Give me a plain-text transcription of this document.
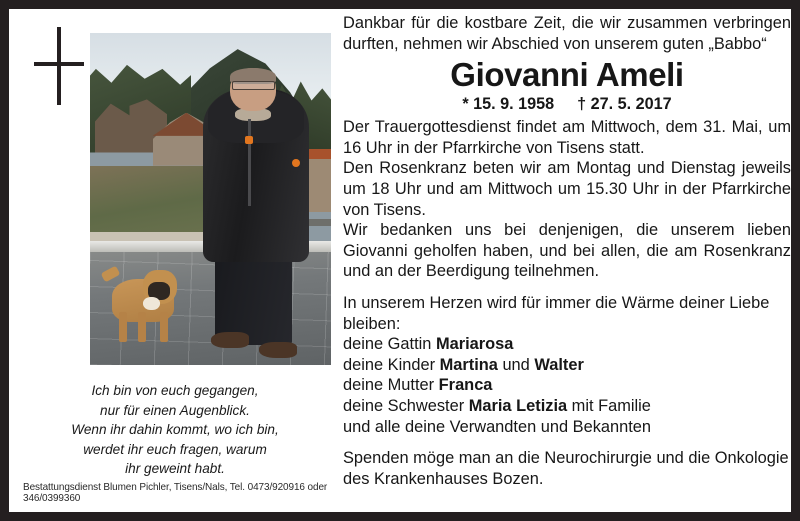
Ich bin von euch gegangen,
nur für einen Augenblick.
Wenn ihr dahin kommt, wo ich bin,
werdet ihr euch fragen, warum
ihr geweint habt.
Bestattungsdienst Blumen Pichler, Tisens/Nals, Tel. 0473/920916 oder 346/0399360

Dankbar für die kostbare Zeit, die wir zusammen verbringen durften, nehmen wir Abschied von unserem guten „Babbo“

Giovanni Ameli
* 15. 9. 1958 † 27. 5. 2017

Der Trauergottesdienst findet am Mittwoch, dem 31. Mai, um 16 Uhr in der Pfarrkirche von Tisens statt.

Den Rosenkranz beten wir am Montag und Dienstag jeweils um 18 Uhr und am Mittwoch um 15.30 Uhr in der Pfarrkirche von Tisens.

Wir bedanken uns bei denjenigen, die unserem lieben Giovanni geholfen haben, und bei allen, die am Rosenkranz und an der Beerdigung teilnehmen.

In unserem Herzen wird für immer die Wärme deiner Liebe bleiben:

deine Gattin Mariarosa
deine Kinder Martina und Walter
deine Mutter Franca
deine Schwester Maria Letizia mit Familie
und alle deine Verwandten und Bekannten

Spenden möge man an die Neurochirurgie und die Onkologie des Krankenhauses Bozen.
